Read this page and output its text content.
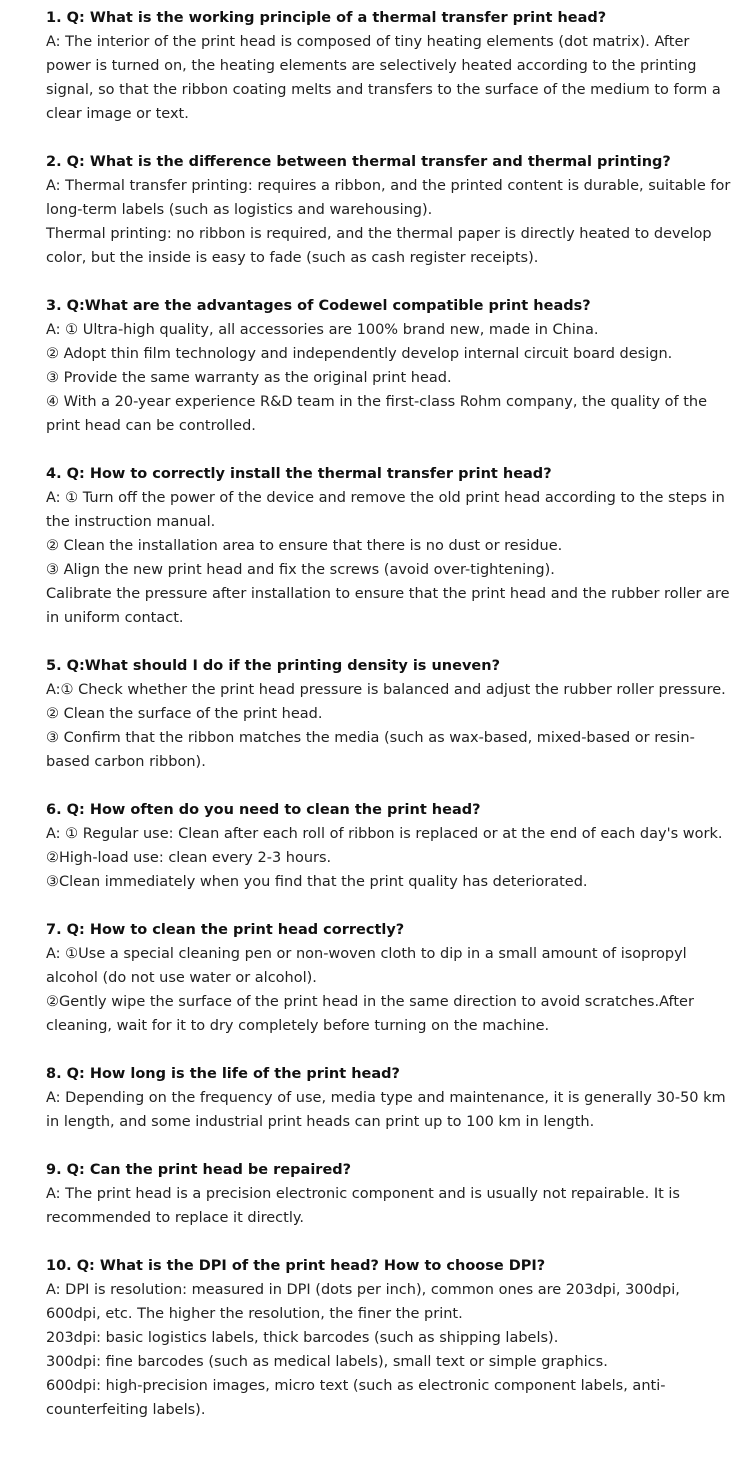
1. Q: What is the working principle of a thermal transfer print head?

A: The interior of the print head is composed of tiny heating elements (dot matrix). After power is turned on, the heating elements are selectively heated according to the printing signal, so that the ribbon coating melts and transfers to the surface of the medium to form a clear image or text.

2. Q: What is the difference between thermal transfer and thermal printing?

A: Thermal transfer printing: requires a ribbon, and the printed content is durable, suitable for long-term labels (such as logistics and warehousing).

Thermal printing: no ribbon is required, and the thermal paper is directly heated to develop color, but the inside is easy to fade (such as cash register receipts).

3. Q:What are the advantages of Codewel compatible print heads?

A: ① Ultra-high quality, all accessories are 100% brand new, made in China.

② Adopt thin film technology and independently develop internal circuit board design.

③ Provide the same warranty as the original print head.

④ With a 20-year experience R&D team in the first-class Rohm company, the quality of the print head can be controlled.

4. Q: How to correctly install the thermal transfer print head?

A: ① Turn off the power of the device and remove the old print head according to the steps in the instruction manual.

② Clean the installation area to ensure that there is no dust or residue.

③ Align the new print head and fix the screws (avoid over-tightening).

Calibrate the pressure after installation to ensure that the print head and the rubber roller are in uniform contact.

5. Q:What should I do if the printing density is uneven?

A:① Check whether the print head pressure is balanced and adjust the rubber roller pressure.

② Clean the surface of the print head.

③ Confirm that the ribbon matches the media (such as wax-based, mixed-based or resin-based carbon ribbon).

6. Q: How often do you need to clean the print head?

A: ① Regular use: Clean after each roll of ribbon is replaced or at the end of each day's work.

②High-load use: clean every 2-3 hours.

③Clean immediately when you find that the print quality has deteriorated.

7. Q: How to clean the print head correctly?

A: ①Use a special cleaning pen or non-woven cloth to dip in a small amount of isopropyl alcohol (do not use water or alcohol).

②Gently wipe the surface of the print head in the same direction to avoid scratches.After cleaning, wait for it to dry completely before turning on the machine.

8. Q: How long is the life of the print head?

A: Depending on the frequency of use, media type and maintenance, it is generally 30-50 km in length, and some industrial print heads can print up to 100 km in length.

9. Q: Can the print head be repaired?

A: The print head is a precision electronic component and is usually not repairable. It is recommended to replace it directly.

10. Q: What is the DPI of the print head? How to choose DPI?

A: DPI is resolution: measured in DPI (dots per inch), common ones are 203dpi, 300dpi, 600dpi, etc. The higher the resolution, the finer the print.

203dpi: basic logistics labels, thick barcodes (such as shipping labels).

300dpi: fine barcodes (such as medical labels), small text or simple graphics.

600dpi: high-precision images, micro text (such as electronic component labels, anti-counterfeiting labels).
